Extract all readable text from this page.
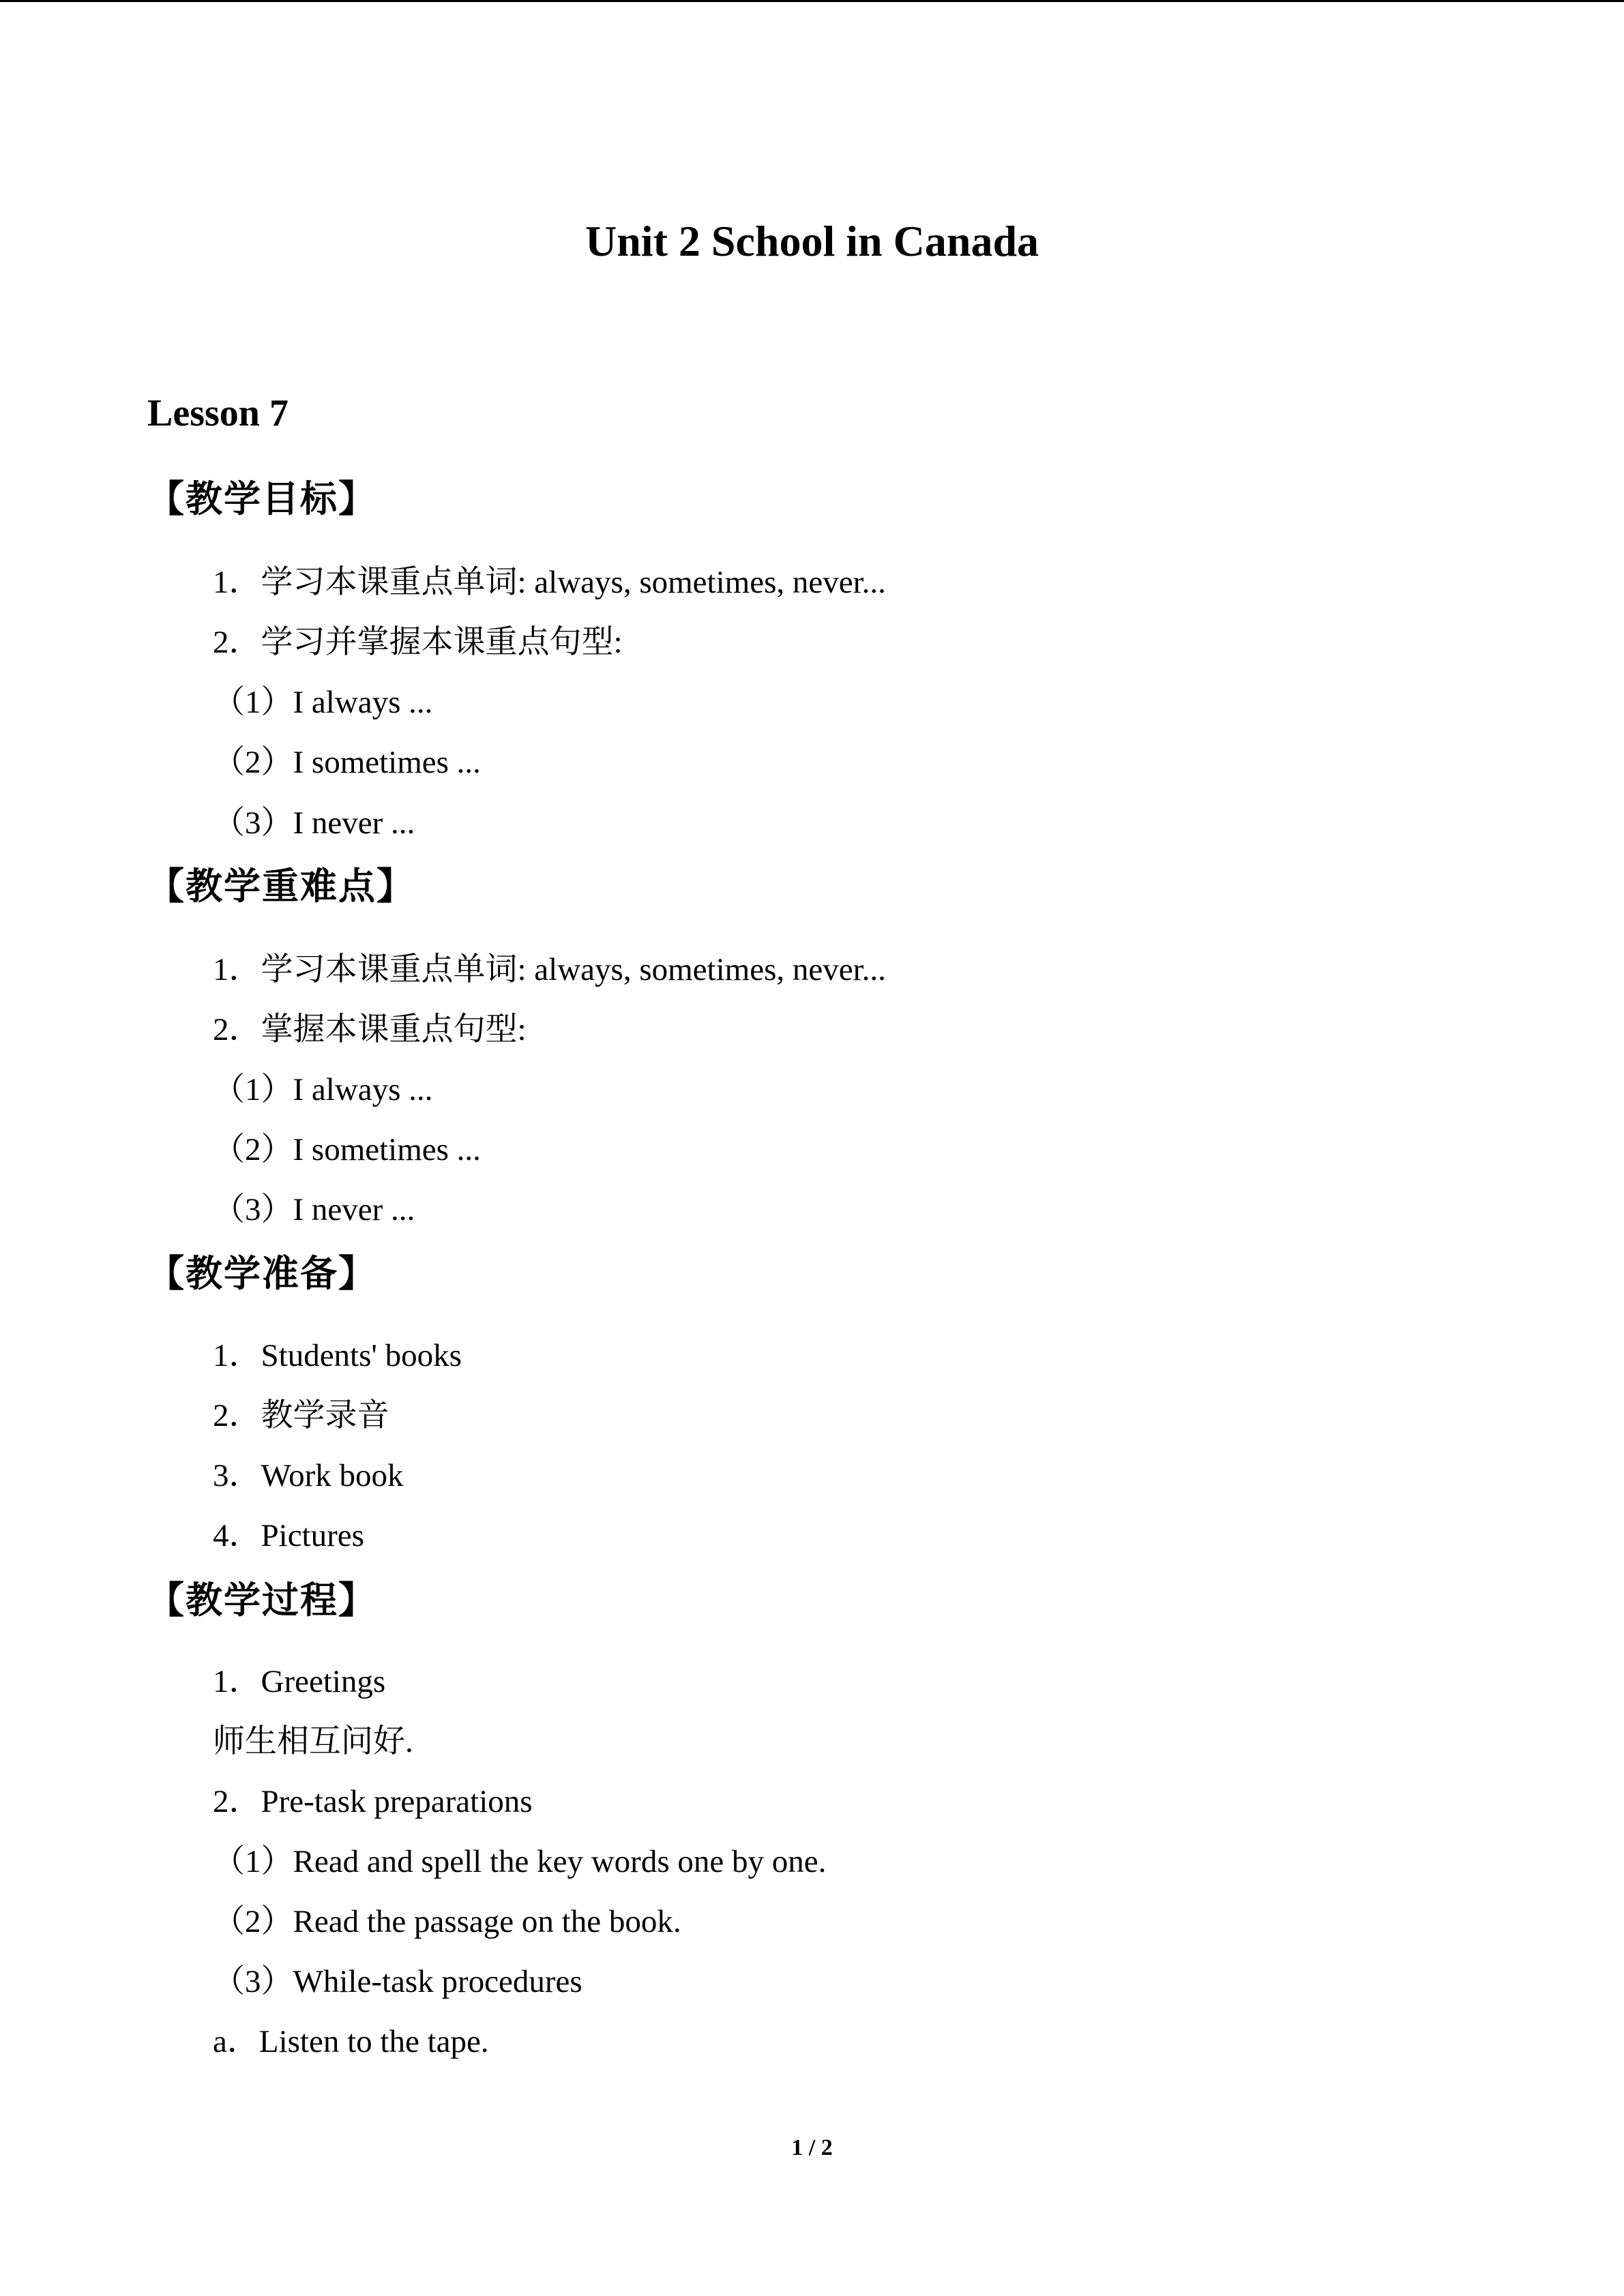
Unit 2 School in Canada
Lesson 7
【教学目标】
1．学习本课重点单词: always, sometimes, never...
2．学习并掌握本课重点句型:
（1）I always ...
（2）I sometimes ...
（3）I never ...
【教学重难点】
1．学习本课重点单词: always, sometimes, never...
2．掌握本课重点句型:
（1）I always ...
（2）I sometimes ...
（3）I never ...
【教学准备】
1．Students' books
2．教学录音
3．Work book
4．Pictures
【教学过程】
1．Greetings
师生相互问好.
2．Pre-task preparations
（1）Read and spell the key words one by one.
（2）Read the passage on the book.
（3）While-task procedures
a．Listen to the tape.
1 / 2
